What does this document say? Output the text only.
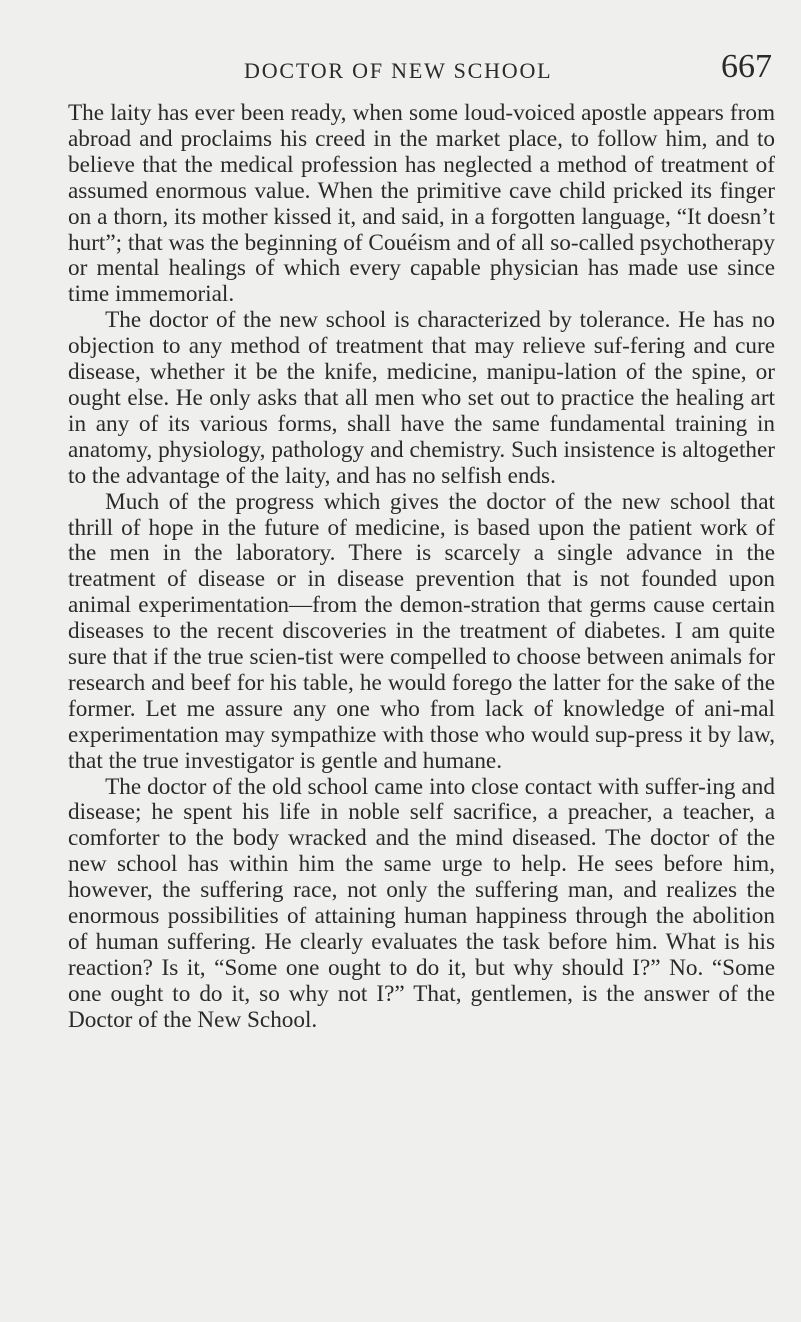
DOCTOR OF NEW SCHOOL	667

The laity has ever been ready, when some loud-voiced apostle appears from abroad and proclaims his creed in the market place, to follow him, and to believe that the medical profession has neglected a method of treatment of assumed enormous value. When the primitive cave child pricked its finger on a thorn, its mother kissed it, and said, in a forgotten language, “It doesn’t hurt”; that was the beginning of Couéism and of all so-called psychotherapy or mental healings of which every capable physician has made use since time immemorial.

The doctor of the new school is characterized by tolerance. He has no objection to any method of treatment that may relieve suf-fering and cure disease, whether it be the knife, medicine, manipu-lation of the spine, or ought else. He only asks that all men who set out to practice the healing art in any of its various forms, shall have the same fundamental training in anatomy, physiology, pathology and chemistry. Such insistence is altogether to the advantage of the laity, and has no selfish ends.

Much of the progress which gives the doctor of the new school that thrill of hope in the future of medicine, is based upon the patient work of the men in the laboratory. There is scarcely a single advance in the treatment of disease or in disease prevention that is not founded upon animal experimentation—from the demon-stration that germs cause certain diseases to the recent discoveries in the treatment of diabetes. I am quite sure that if the true scien-tist were compelled to choose between animals for research and beef for his table, he would forego the latter for the sake of the former. Let me assure any one who from lack of knowledge of ani-mal experimentation may sympathize with those who would sup-press it by law, that the true investigator is gentle and humane.

The doctor of the old school came into close contact with suffer-ing and disease; he spent his life in noble self sacrifice, a preacher, a teacher, a comforter to the body wracked and the mind diseased. The doctor of the new school has within him the same urge to help. He sees before him, however, the suffering race, not only the suffering man, and realizes the enormous possibilities of attaining human happiness through the abolition of human suffering. He clearly evaluates the task before him. What is his reaction? Is it, “Some one ought to do it, but why should I?” No. “Some one ought to do it, so why not I?” That, gentlemen, is the answer of the Doctor of the New School.
